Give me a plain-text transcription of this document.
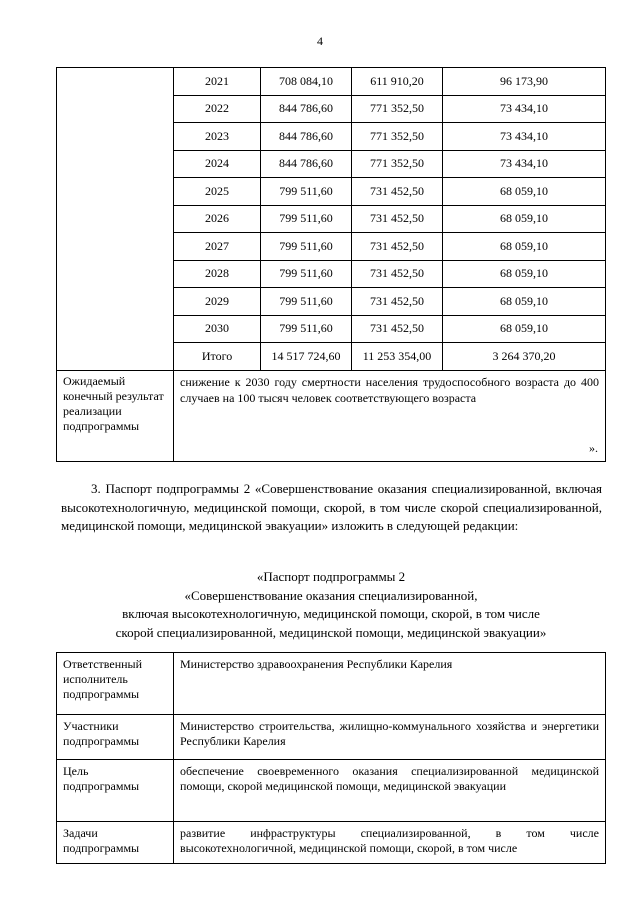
4
	2021	708 084,10	611 910,20	96 173,90
	2022	844 786,60	771 352,50	73 434,10
	2023	844 786,60	771 352,50	73 434,10
	2024	844 786,60	771 352,50	73 434,10
	2025	799 511,60	731 452,50	68 059,10
	2026	799 511,60	731 452,50	68 059,10
	2027	799 511,60	731 452,50	68 059,10
	2028	799 511,60	731 452,50	68 059,10
	2029	799 511,60	731 452,50	68 059,10
	2030	799 511,60	731 452,50	68 059,10
	Итого	14 517 724,60	11 253 354,00	3 264 370,20
Ожидаемый конечный результат реализации подпрограммы	снижение к 2030 году смертности населения трудоспособного возраста до 400 случаев на 100 тысяч человек соответствующего возраста			
».
3. Паспорт подпрограммы 2 «Совершенствование оказания специализированной, включая высокотехнологичную, медицинской помощи, скорой, в том числе скорой специализированной, медицинской помощи, медицинской эвакуации» изложить в следующей редакции:
«Паспорт подпрограммы 2
«Совершенствование оказания специализированной,
включая высокотехнологичную, медицинской помощи, скорой, в том числе
скорой специализированной, медицинской помощи, медицинской эвакуации»
Ответственный исполнитель подпрограммы	Министерство здравоохранения Республики Карелия
Участники подпрограммы	Министерство строительства, жилищно-коммунального хозяйства и энергетики Республики Карелия
Цель подпрограммы	обеспечение своевременного оказания специализированной медицинской помощи, скорой медицинской помощи, медицинской эвакуации
Задачи подпрограммы	развитие инфраструктуры специализированной, в том числе высокотехнологичной, медицинской помощи, скорой, в том числе
